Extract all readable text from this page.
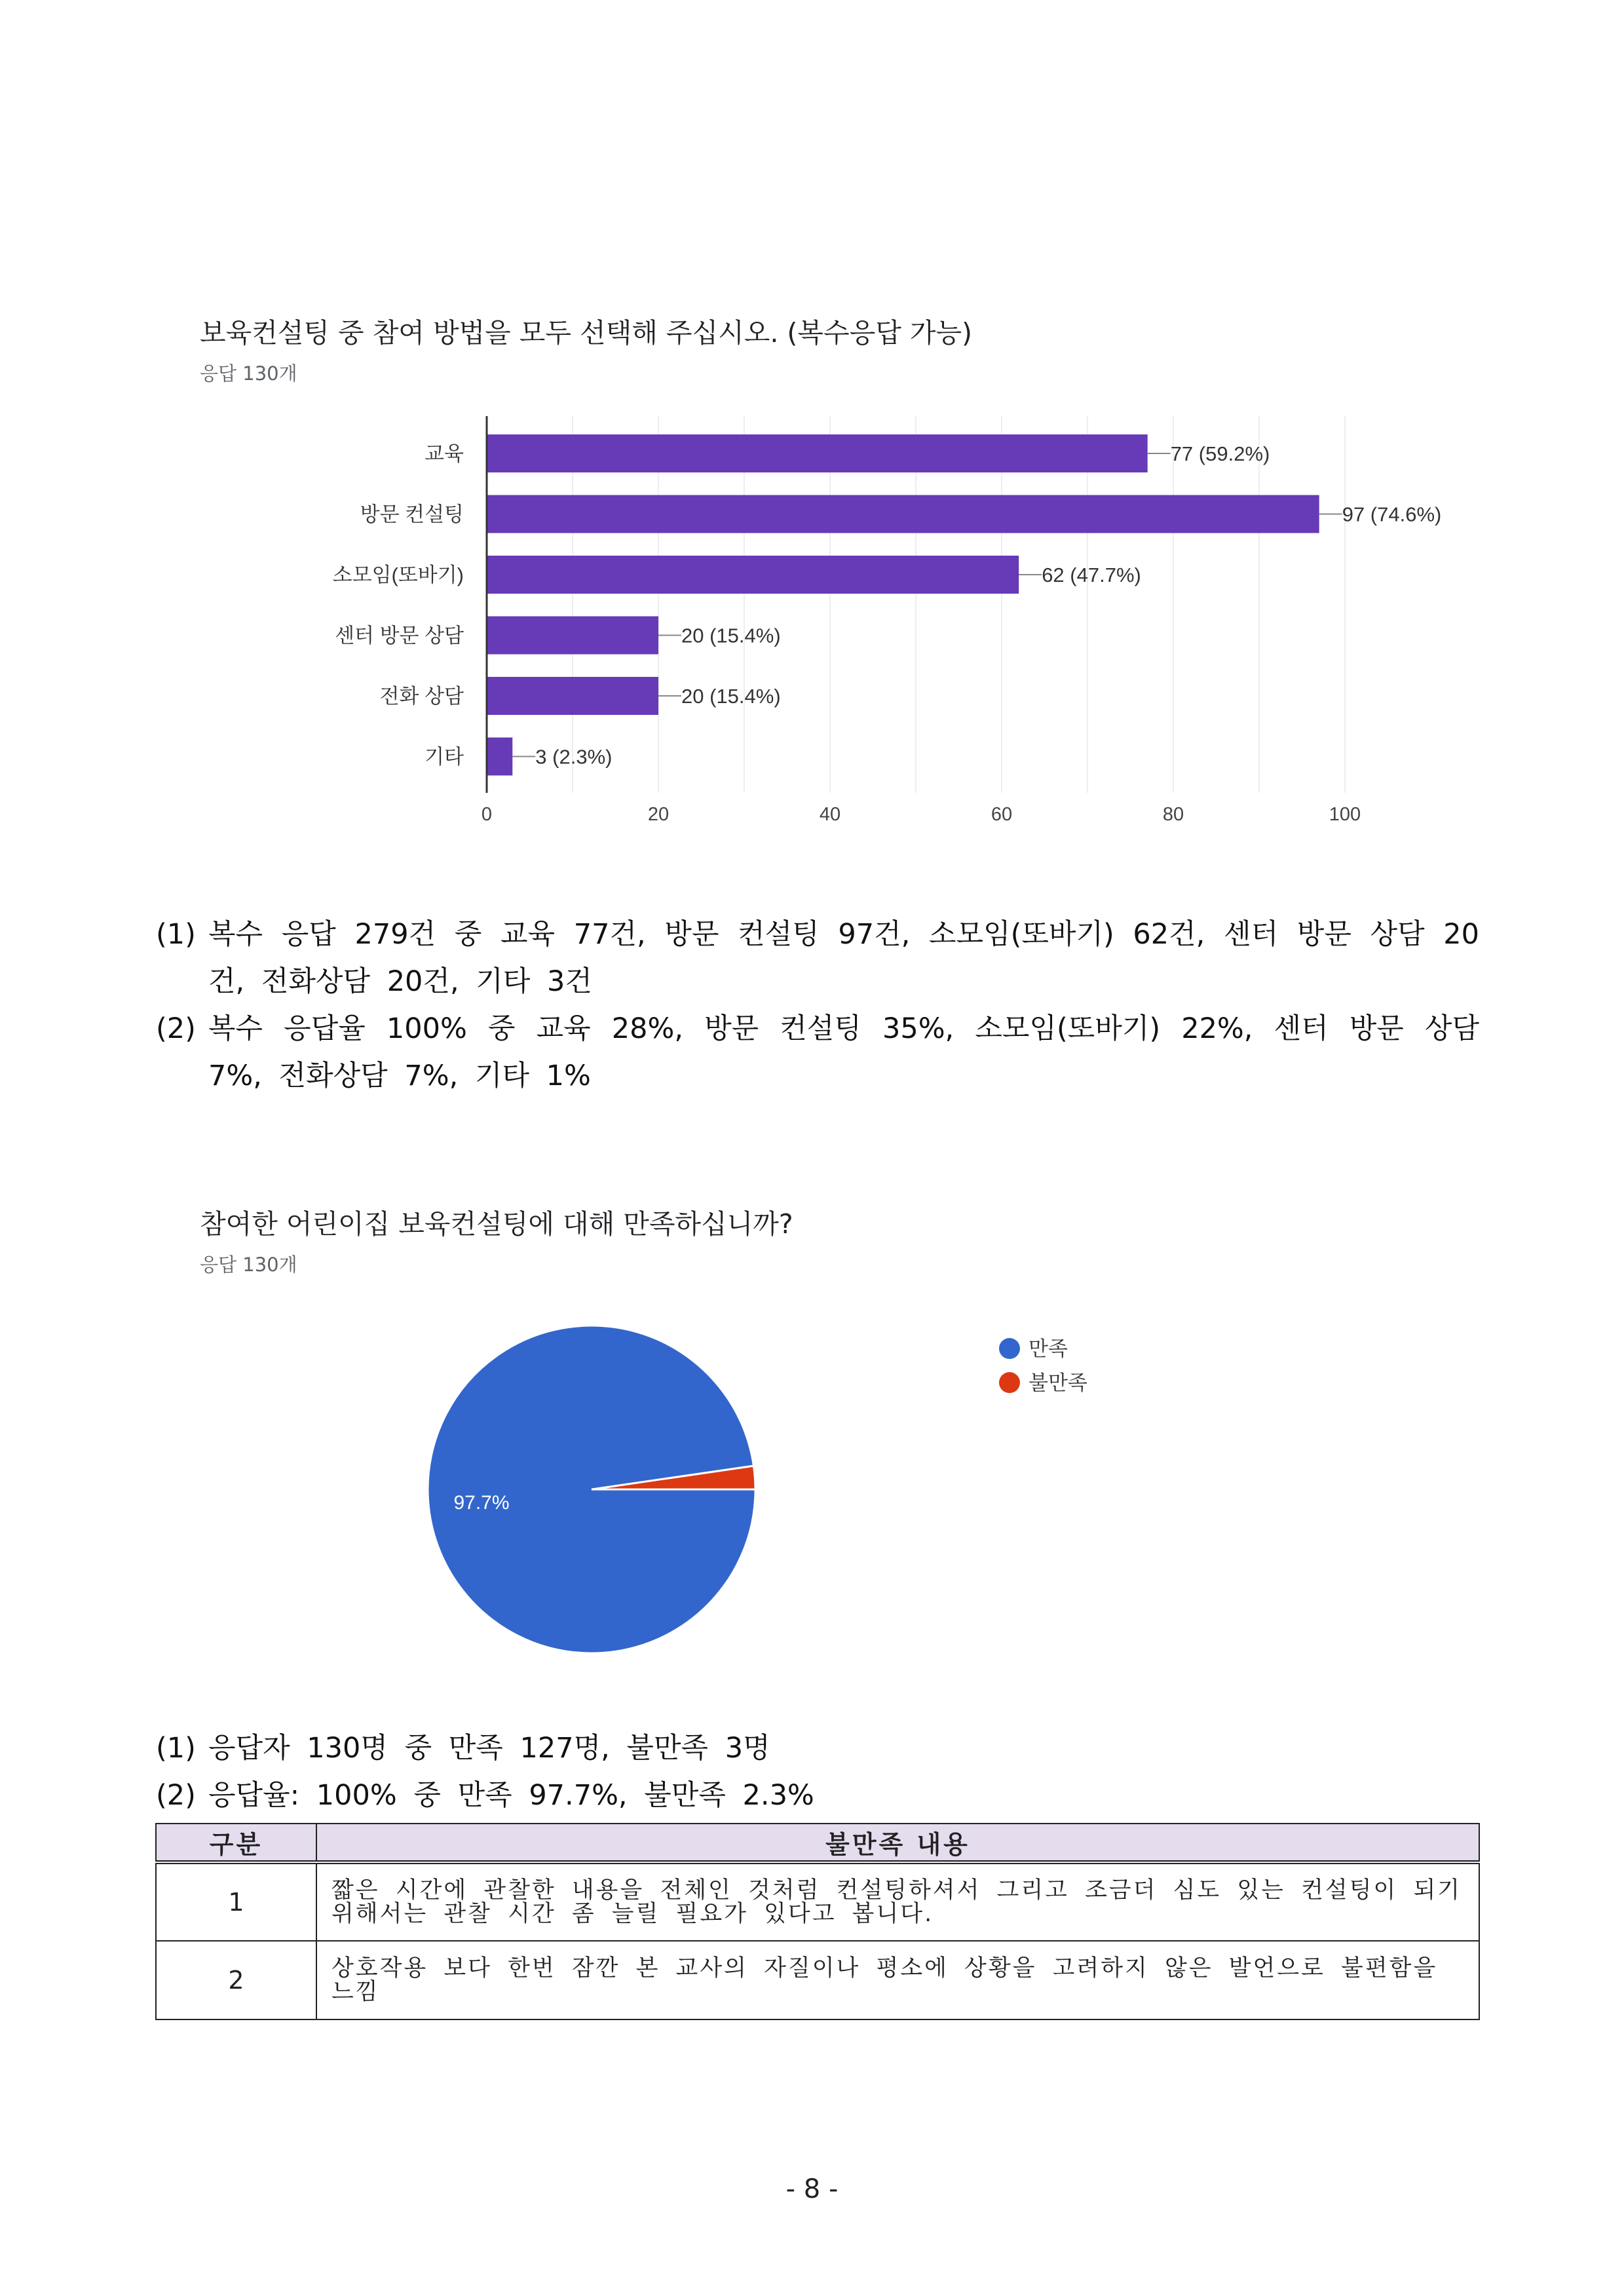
보육컨설팅 중 참여 방법을 모두 선택해 주십시오. (복수응답 가능)
응답 130개
0	20	40	60	80	100
교육	77 (59.2%)
방문 컨설팅	97 (74.6%)
소모임(또바기)	62 (47.7%)
센터 방문 상담	20 (15.4%)
전화 상담	20 (15.4%)
기타	3 (2.3%)
(1) 복수 응답 279건 중 교육 77건, 방문 컨설팅 97건, 소모임(또바기) 62건, 센터 방문 상담 20건, 전화상담 20건, 기타 3건
(2) 복수 응답율 100% 중 교육 28%, 방문 컨설팅 35%, 소모임(또바기) 22%, 센터 방문 상담 7%, 전화상담 7%, 기타 1%
참여한 어린이집 보육컨설팅에 대해 만족하십니까?
응답 130개
97.7%
만족
불만족
(1) 응답자 130명 중 만족 127명, 불만족 3명
(2) 응답율: 100% 중 만족 97.7%, 불만족 2.3%
구분	불만족 내용
1	짧은 시간에 관찰한 내용을 전체인 것처럼 컨설팅하셔서 그리고 조금더 심도 있는 컨설팅이 되기 위해서는 관찰 시간 좀 늘릴 필요가 있다고 봅니다.
2	상호작용 보다 한번 잠깐 본 교사의 자질이나 평소에 상황을 고려하지 않은 발언으로 불편함을 느낌
- 8 -
